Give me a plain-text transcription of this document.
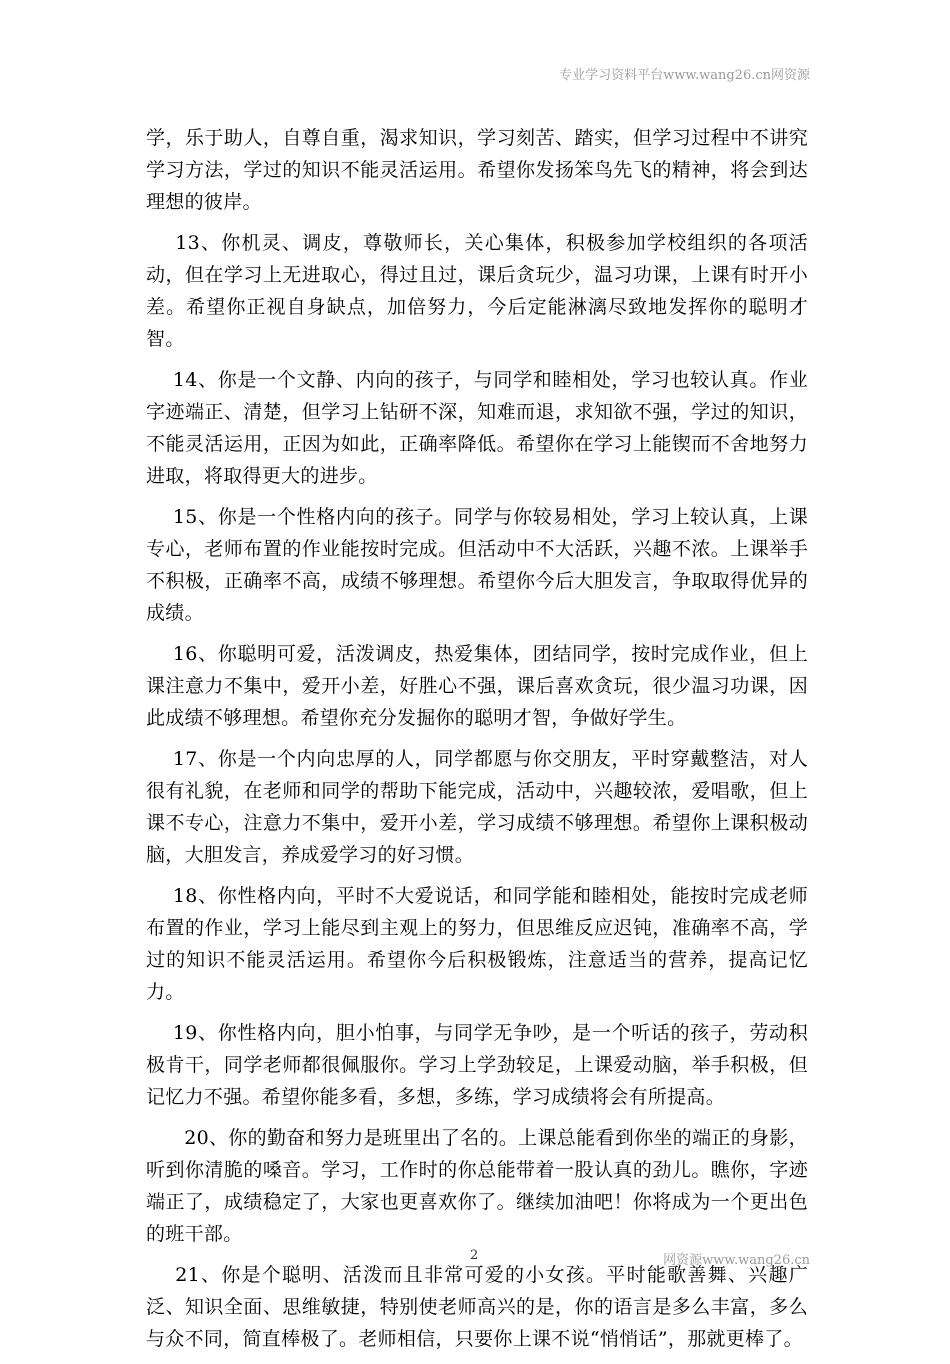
专业学习资料平台www.wang26.cn网资源

学，乐于助人，自尊自重，渴求知识，学习刻苦、踏实，但学习过程中不讲究学习方法，学过的知识不能灵活运用。希望你发扬笨鸟先飞的精神，将会到达理想的彼岸。

13、你机灵、调皮，尊敬师长，关心集体，积极参加学校组织的各项活动，但在学习上无进取心，得过且过，课后贪玩少，温习功课，上课有时开小差。希望你正视自身缺点，加倍努力，今后定能淋漓尽致地发挥你的聪明才智。

14、你是一个文静、内向的孩子，与同学和睦相处，学习也较认真。作业字迹端正、清楚，但学习上钻研不深，知难而退，求知欲不强，学过的知识，不能灵活运用，正因为如此，正确率降低。希望你在学习上能锲而不舍地努力进取，将取得更大的进步。

15、你是一个性格内向的孩子。同学与你较易相处，学习上较认真，上课专心，老师布置的作业能按时完成。但活动中不大活跃，兴趣不浓。上课举手不积极，正确率不高，成绩不够理想。希望你今后大胆发言，争取取得优异的成绩。

16、你聪明可爱，活泼调皮，热爱集体，团结同学，按时完成作业，但上课注意力不集中，爱开小差，好胜心不强，课后喜欢贪玩，很少温习功课，因此成绩不够理想。希望你充分发掘你的聪明才智，争做好学生。

17、你是一个内向忠厚的人，同学都愿与你交朋友，平时穿戴整洁，对人很有礼貌，在老师和同学的帮助下能完成，活动中，兴趣较浓，爱唱歌，但上课不专心，注意力不集中，爱开小差，学习成绩不够理想。希望你上课积极动脑，大胆发言，养成爱学习的好习惯。

18、你性格内向，平时不大爱说话，和同学能和睦相处，能按时完成老师布置的作业，学习上能尽到主观上的努力，但思维反应迟钝，准确率不高，学过的知识不能灵活运用。希望你今后积极锻炼，注意适当的营养，提高记忆力。

19、你性格内向，胆小怕事，与同学无争吵，是一个听话的孩子，劳动积极肯干，同学老师都很佩服你。学习上学劲较足，上课爱动脑，举手积极，但记忆力不强。希望你能多看，多想，多练，学习成绩将会有所提高。

20、你的勤奋和努力是班里出了名的。上课总能看到你坐的端正的身影，听到你清脆的嗓音。学习，工作时的你总能带着一股认真的劲儿。瞧你，字迹端正了，成绩稳定了，大家也更喜欢你了。继续加油吧！你将成为一个更出色的班干部。

21、你是个聪明、活泼而且非常可爱的小女孩。平时能歌善舞、兴趣广泛、知识全面、思维敏捷，特别使老师高兴的是，你的语言是多么丰富，多么与众不同，简直棒极了。老师相信，只要你上课不说“悄悄话”，那就更棒了。

2	网资源www.wang26.cn
